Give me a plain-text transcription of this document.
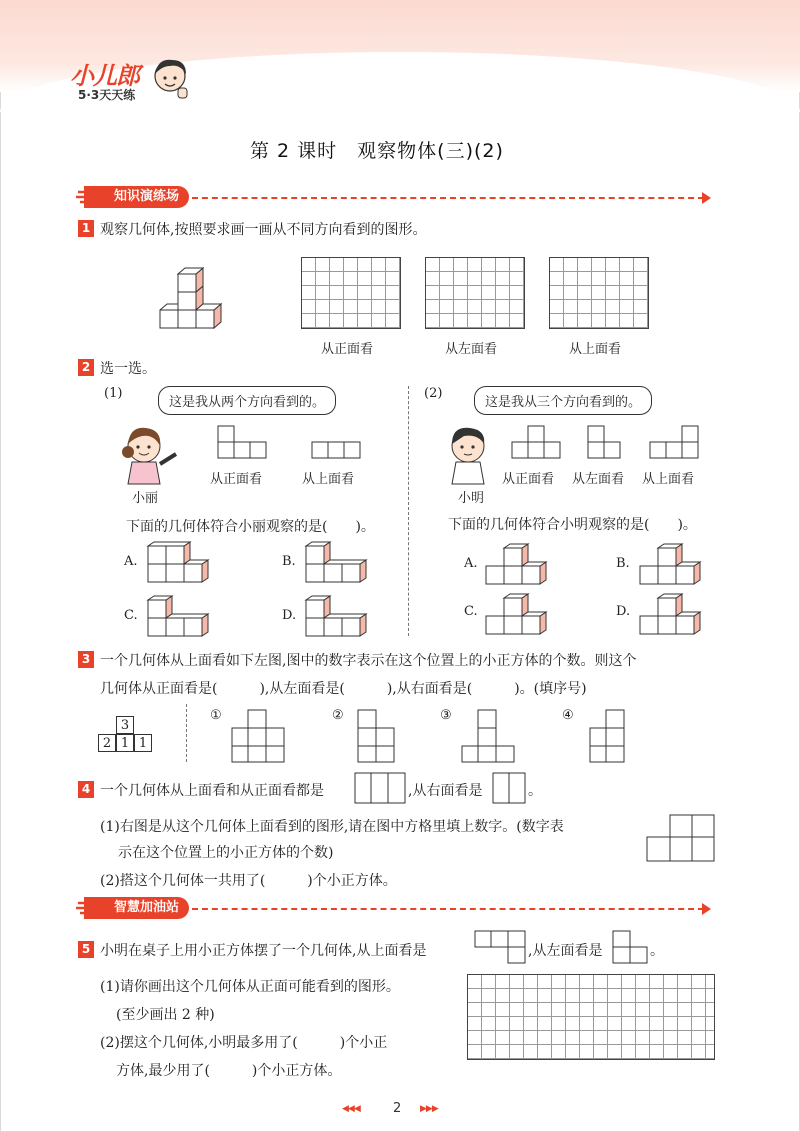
小儿郎
5·3天天练
第 2 课时　观察物体(三)(2)
知识演练场
1 观察几何体,按照要求画一画从不同方向看到的图形。
从正面看	从左面看	从上面看
2 选一选。
(1)
这是我从两个方向看到的。
小丽
从正面看	从上面看
下面的几何体符合小丽观察的是(　　)。
A.	B.
C.	D.
(2)
这是我从三个方向看到的。
小明
从正面看 从左面看 从上面看
下面的几何体符合小明观察的是(　　)。
A.	B.
C.	D.
3 一个几何体从上面看如下左图,图中的数字表示在这个位置上的小正方体的个数。则这个
几何体从正面看是(　　　),从左面看是(　　　),从右面看是(　　　)。(填序号)
3
2 1 1
①	②	③	④
4 一个几何体从上面看和从正面看都是	,从右面看是	。
(1)右图是从这个几何体上面看到的图形,请在图中方格里填上数字。(数字表
示在这个位置上的小正方体的个数)
(2)搭这个几何体一共用了(　　　)个小正方体。
智慧加油站
5 小明在桌子上用小正方体摆了一个几何体,从上面看是	,从左面看是	。
(1)请你画出这个几何体从正面可能看到的图形。
(至少画出 2 种)
(2)摆这个几何体,小明最多用了(　　　)个小正
方体,最少用了(　　　)个小正方体。
◀◀◀	2 ▶▶▶
